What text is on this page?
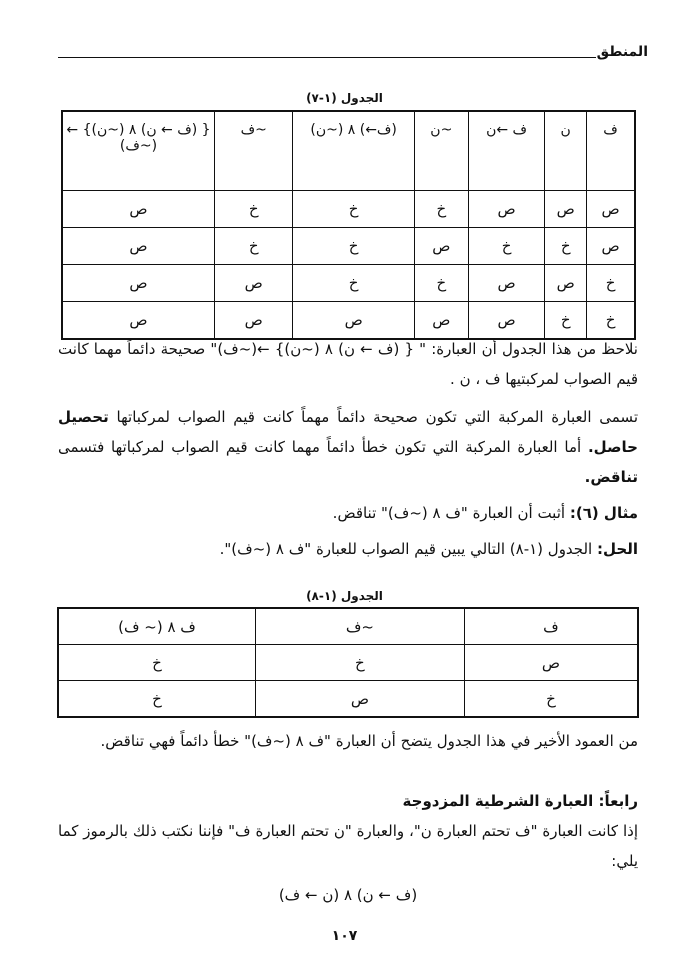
المنطق
الجدول (١-٧)
ف	ن	ف ←ن	~ن	(ف←) ٨ (~ن)	~ف	{ (ف ← ن) ٨ (~ن)} ← (~ف)
ص	ص	ص	خ	خ	خ	ص
ص	خ	خ	ص	خ	خ	ص
خ	ص	ص	خ	خ	ص	ص
خ	خ	ص	ص	ص	ص	ص
نلاحظ من هذا الجدول أن العبارة: " { (ف ← ن) ٨ (~ن)} ←(~ف)" صحيحة دائماً مهما كانت قيم الصواب لمركبتيها ف ، ن .
تسمى العبارة المركبة التي تكون صحيحة دائماً مهماً كانت قيم الصواب لمركباتها تحصيل حاصل. أما العبارة المركبة التي تكون خطأ دائماً مهما كانت قيم الصواب لمركباتها فتسمى تناقض.
مثال (٦): أثبت أن العبارة "ف ٨ (~ف)" تناقض.
الحل: الجدول (١-٨) التالي يبين قيم الصواب للعبارة "ف ٨ (~ف)".
الجدول (١-٨)
ف	~ف	ف ٨ (~ ف)
ص	خ	خ
خ	ص	خ
من العمود الأخير في هذا الجدول يتضح أن العبارة "ف ٨ (~ف)" خطأ دائماً فهي تناقض.
رابعاً: العبارة الشرطية المزدوجة
إذا كانت العبارة "ف تحتم العبارة ن"، والعبارة "ن تحتم العبارة ف" فإننا نكتب ذلك بالرموز كما يلي:
(ف ← ن) ٨ (ن ← ف)
١٠٧
